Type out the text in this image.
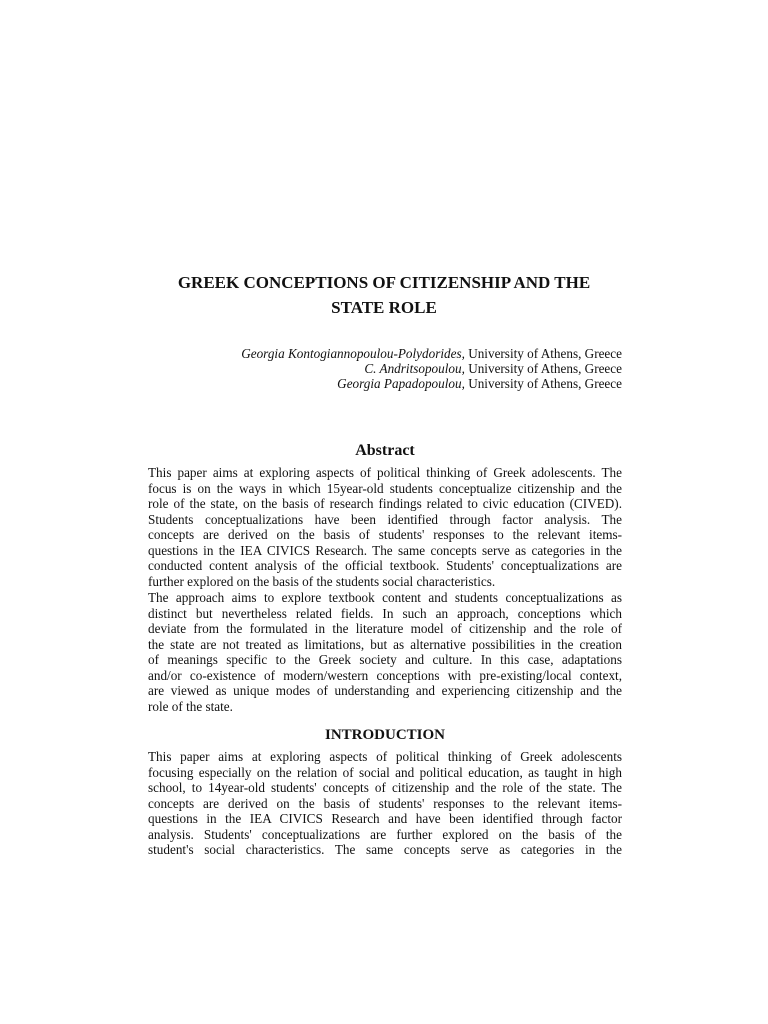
GREEK CONCEPTIONS OF CITIZENSHIP AND THE
STATE ROLE
Georgia Kontogiannopoulou-Polydorides, University of Athens, Greece
C. Andritsopoulou, University of Athens, Greece
Georgia Papadopoulou, University of Athens, Greece
Abstract

This paper aims at exploring aspects of political thinking of Greek adolescents. The
focus is on the ways in which 15year-old students conceptualize citizenship and the
role of the state, on the basis of research findings related to civic education (CIVED).
Students conceptualizations have been identified through factor analysis. The
concepts are derived on the basis of students' responses to the relevant items-
questions in the IEA CIVICS Research. The same concepts serve as categories in the
conducted content analysis of the official textbook. Students' conceptualizations are
further explored on the basis of the students social characteristics.

The approach aims to explore textbook content and students conceptualizations as
distinct but nevertheless related fields. In such an approach, conceptions which
deviate from the formulated in the literature model of citizenship and the role of
the state are not treated as limitations, but as alternative possibilities in the creation
of meanings specific to the Greek society and culture. In this case, adaptations
and/or co-existence of modern/western conceptions with pre-existing/local context,
are viewed as unique modes of understanding and experiencing citizenship and the
role of the state.

INTRODUCTION

This paper aims at exploring aspects of political thinking of Greek adolescents
focusing especially on the relation of social and political education, as taught in high
school, to 14year-old students' concepts of citizenship and the role of the state. The
concepts are derived on the basis of students' responses to the relevant items-
questions in the IEA CIVICS Research and have been identified through factor
analysis. Students' conceptualizations are further explored on the basis of the
student's social characteristics. The same concepts serve as categories in the
